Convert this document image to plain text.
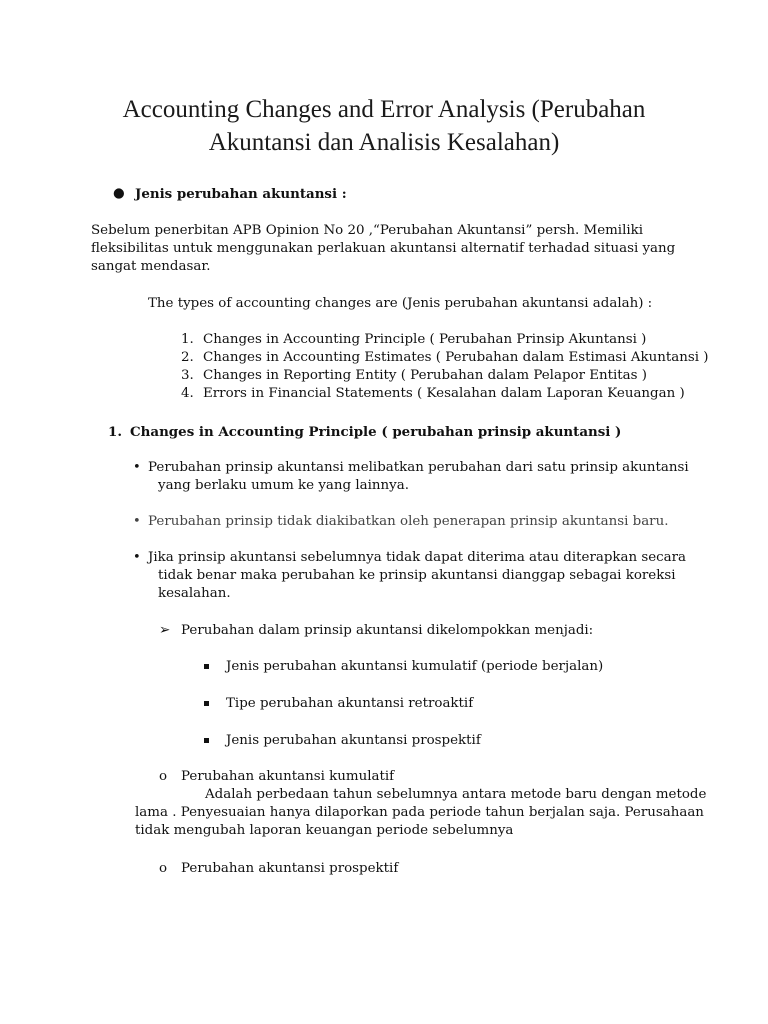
Accounting Changes and Error Analysis (Perubahan
Akuntansi dan Analisis Kesalahan)
● Jenis perubahan akuntansi :
Sebelum penerbitan APB Opinion No 20 ,“Perubahan Akuntansi” persh. Memiliki
fleksibilitas untuk menggunakan perlakuan akuntansi alternatif terhadad situasi yang
sangat mendasar.
The types of accounting changes are (Jenis perubahan akuntansi adalah) :
1. Changes in Accounting Principle ( Perubahan Prinsip Akuntansi )
2. Changes in Accounting Estimates ( Perubahan dalam Estimasi Akuntansi )
3. Changes in Reporting Entity ( Perubahan dalam Pelapor Entitas )
4. Errors in Financial Statements ( Kesalahan dalam Laporan Keuangan )
1. Changes in Accounting Principle ( perubahan prinsip akuntansi )
• Perubahan prinsip akuntansi melibatkan perubahan dari satu prinsip akuntansi
yang berlaku umum ke yang lainnya.
• Perubahan prinsip tidak diakibatkan oleh penerapan prinsip akuntansi baru.
• Jika prinsip akuntansi sebelumnya tidak dapat diterima atau diterapkan secara
tidak benar maka perubahan ke prinsip akuntansi dianggap sebagai koreksi
kesalahan.
➢ Perubahan dalam prinsip akuntansi dikelompokkan menjadi:
Jenis perubahan akuntansi kumulatif (periode berjalan)
Tipe perubahan akuntansi retroaktif
Jenis perubahan akuntansi prospektif
o Perubahan akuntansi kumulatif
Adalah perbedaan tahun sebelumnya antara metode baru dengan metode
lama . Penyesuaian hanya dilaporkan pada periode tahun berjalan saja. Perusahaan
tidak mengubah laporan keuangan periode sebelumnya
o Perubahan akuntansi prospektif
